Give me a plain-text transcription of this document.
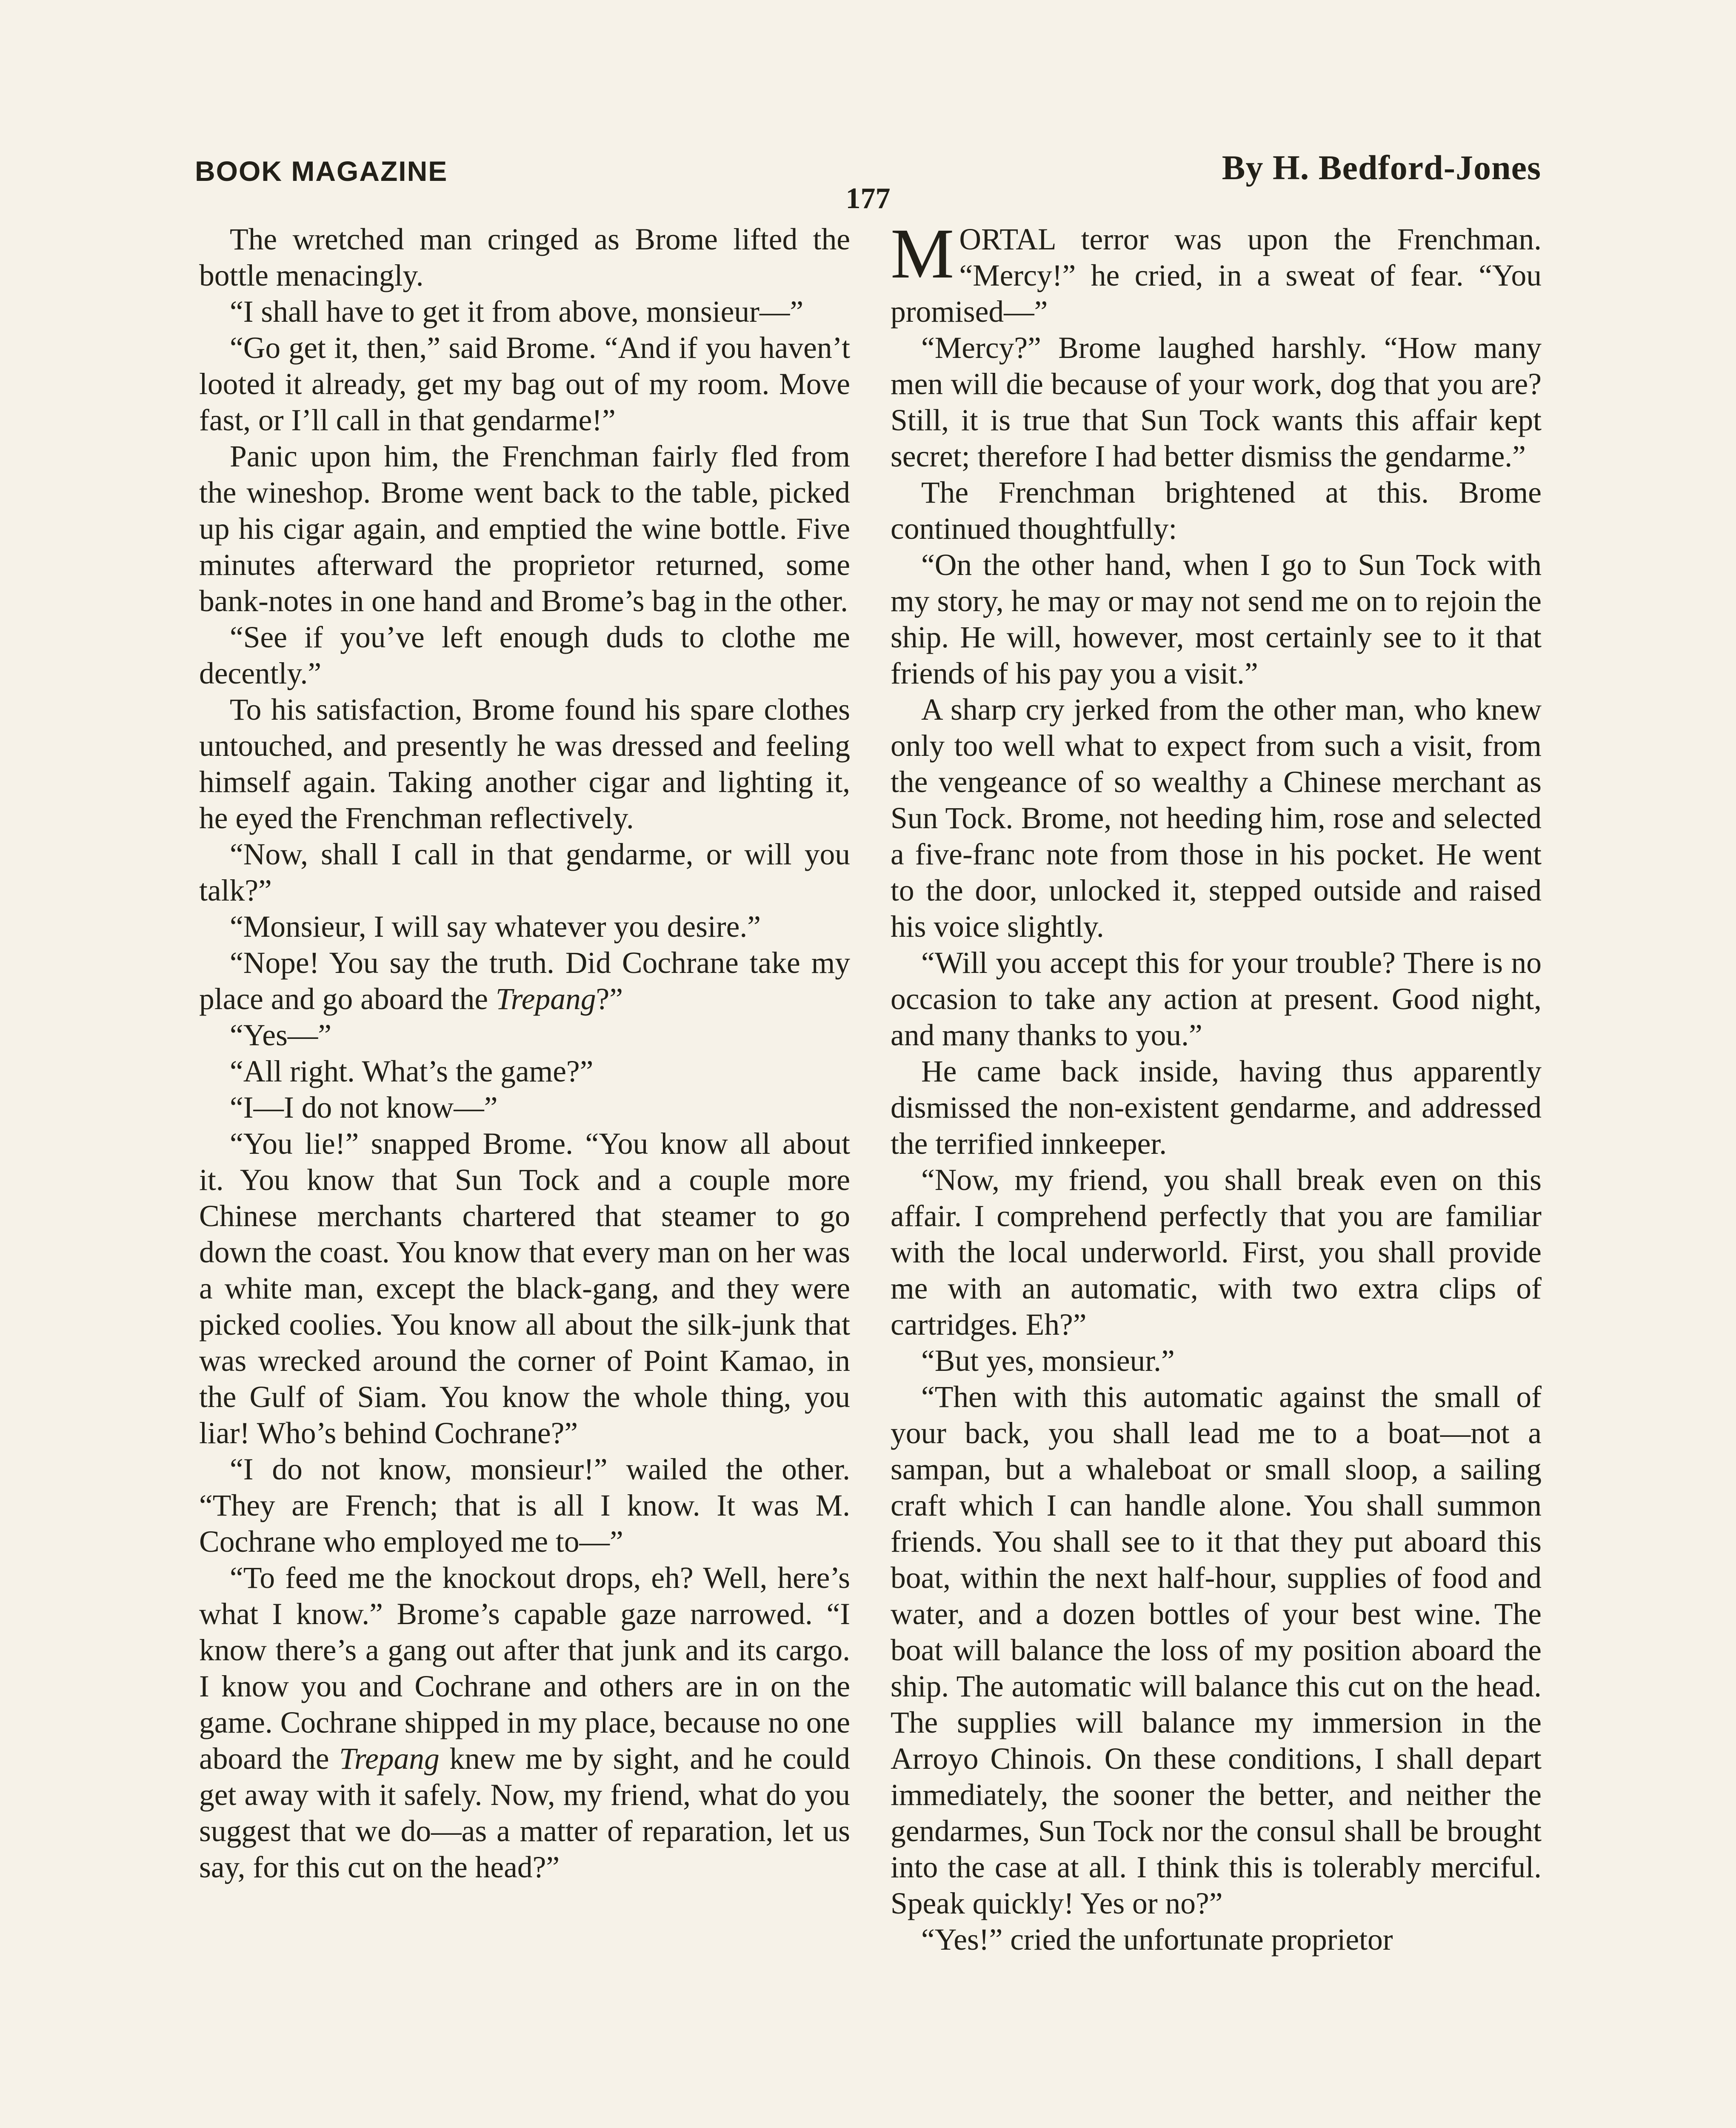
BOOK MAGAZINE	By H. Bedford-Jones
177

The wretched man cringed as Brome lifted the bottle menacingly.

“I shall have to get it from above, monsieur—”

“Go get it, then,” said Brome. “And if you haven’t looted it already, get my bag out of my room. Move fast, or I’ll call in that gendarme!”

Panic upon him, the Frenchman fairly fled from the wineshop. Brome went back to the table, picked up his cigar again, and emptied the wine bottle. Five minutes afterward the proprietor returned, some bank-notes in one hand and Brome’s bag in the other.

“See if you’ve left enough duds to clothe me decently.”

To his satisfaction, Brome found his spare clothes untouched, and presently he was dressed and feeling himself again. Taking another cigar and lighting it, he eyed the Frenchman reflectively.

“Now, shall I call in that gendarme, or will you talk?”

“Monsieur, I will say whatever you desire.”

“Nope! You say the truth. Did Cochrane take my place and go aboard the Trepang?”

“Yes—”

“All right. What’s the game?”

“I—I do not know—”

“You lie!” snapped Brome. “You know all about it. You know that Sun Tock and a couple more Chinese merchants chartered that steamer to go down the coast. You know that every man on her was a white man, except the black-gang, and they were picked coolies. You know all about the silk-junk that was wrecked around the corner of Point Kamao, in the Gulf of Siam. You know the whole thing, you liar! Who’s behind Cochrane?”

“I do not know, monsieur!” wailed the other. “They are French; that is all I know. It was M. Cochrane who employed me to—”

“To feed me the knockout drops, eh? Well, here’s what I know.” Brome’s capable gaze narrowed. “I know there’s a gang out after that junk and its cargo. I know you and Cochrane and others are in on the game. Cochrane shipped in my place, because no one aboard the Trepang knew me by sight, and he could get away with it safely. Now, my friend, what do you suggest that we do—as a matter of reparation, let us say, for this cut on the head?”

MORTAL terror was upon the Frenchman. “Mercy!” he cried, in a sweat of fear. “You promised—”

“Mercy?” Brome laughed harshly. “How many men will die because of your work, dog that you are? Still, it is true that Sun Tock wants this affair kept secret; therefore I had better dismiss the gendarme.”

The Frenchman brightened at this. Brome continued thoughtfully:

“On the other hand, when I go to Sun Tock with my story, he may or may not send me on to rejoin the ship. He will, however, most certainly see to it that friends of his pay you a visit.”

A sharp cry jerked from the other man, who knew only too well what to expect from such a visit, from the vengeance of so wealthy a Chinese merchant as Sun Tock. Brome, not heeding him, rose and selected a five-franc note from those in his pocket. He went to the door, unlocked it, stepped outside and raised his voice slightly.

“Will you accept this for your trouble? There is no occasion to take any action at present. Good night, and many thanks to you.”

He came back inside, having thus apparently dismissed the non-existent gendarme, and addressed the terrified innkeeper.

“Now, my friend, you shall break even on this affair. I comprehend perfectly that you are familiar with the local underworld. First, you shall provide me with an automatic, with two extra clips of cartridges. Eh?”

“But yes, monsieur.”

“Then with this automatic against the small of your back, you shall lead me to a boat—not a sampan, but a whaleboat or small sloop, a sailing craft which I can handle alone. You shall summon friends. You shall see to it that they put aboard this boat, within the next half-hour, supplies of food and water, and a dozen bottles of your best wine. The boat will balance the loss of my position aboard the ship. The automatic will balance this cut on the head. The supplies will balance my immersion in the Arroyo Chinois. On these conditions, I shall depart immediately, the sooner the better, and neither the gendarmes, Sun Tock nor the consul shall be brought into the case at all. I think this is tolerably merciful. Speak quickly! Yes or no?”

“Yes!” cried the unfortunate proprietor
